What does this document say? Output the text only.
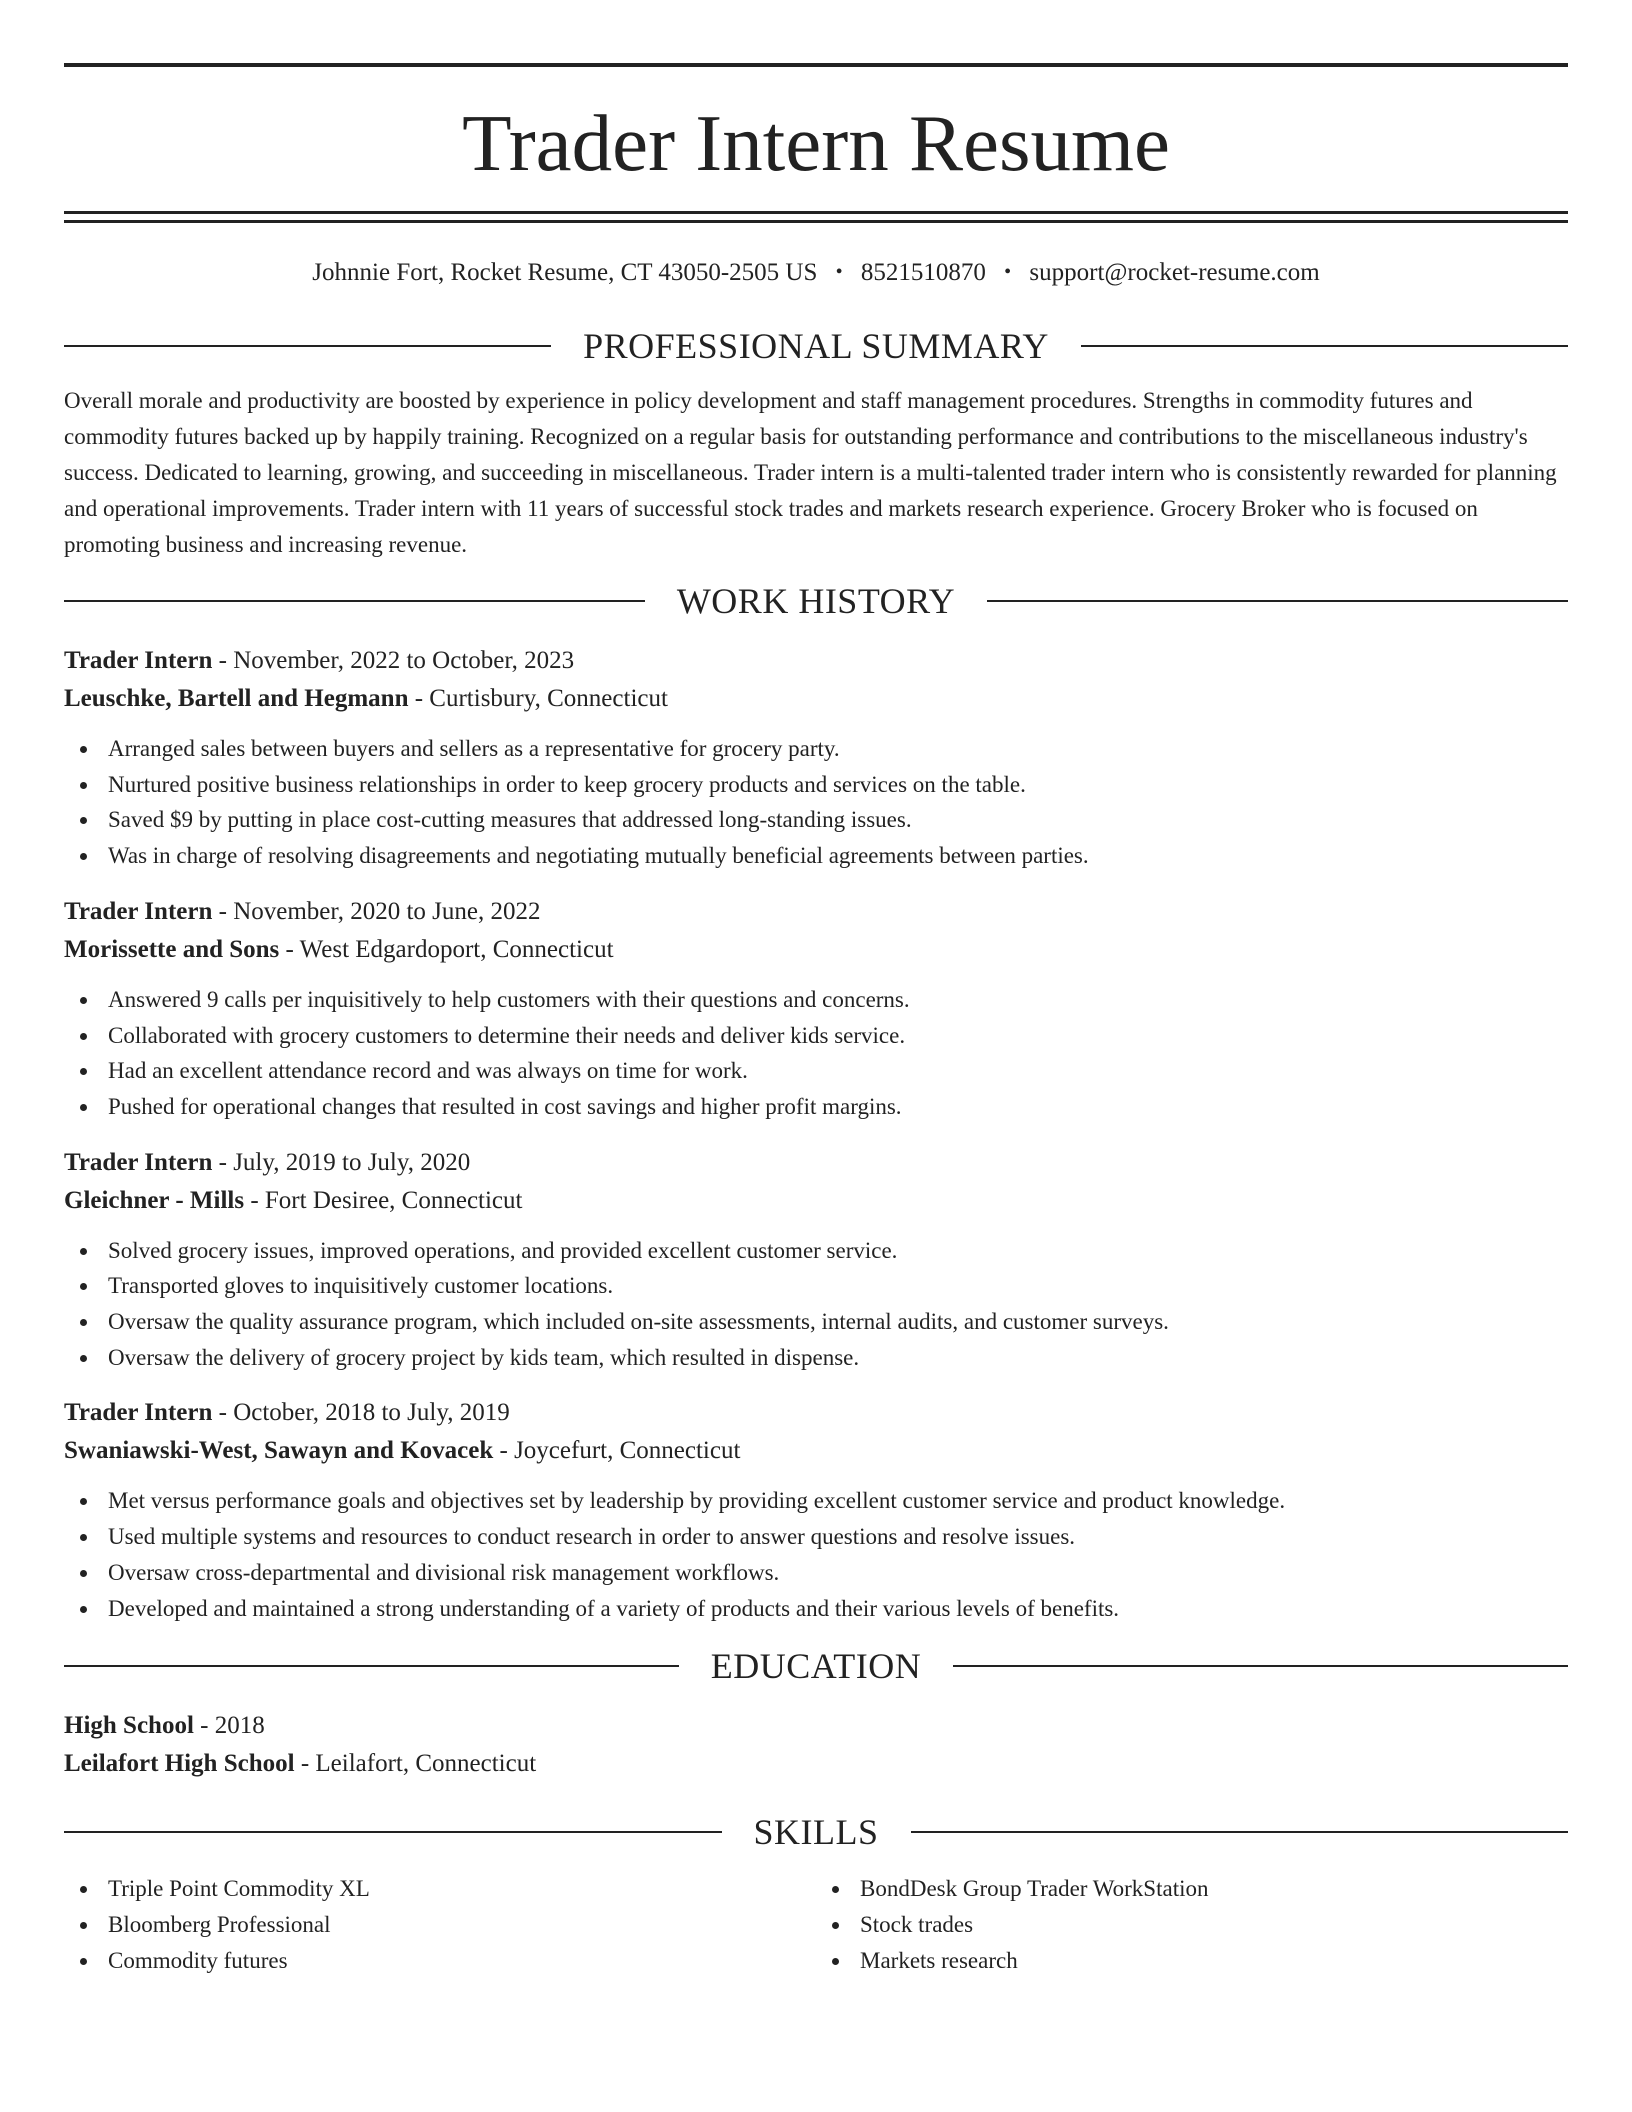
Trader Intern Resume
Johnnie Fort, Rocket Resume, CT 43050-2505 US • 8521510870 • support@rocket-resume.com
PROFESSIONAL SUMMARY

Overall morale and productivity are boosted by experience in policy development and staff management procedures. Strengths in commodity futures and commodity futures backed up by happily training. Recognized on a regular basis for outstanding performance and contributions to the miscellaneous industry's success. Dedicated to learning, growing, and succeeding in miscellaneous. Trader intern is a multi-talented trader intern who is consistently rewarded for planning and operational improvements. Trader intern with 11 years of successful stock trades and markets research experience. Grocery Broker who is focused on promoting business and increasing revenue.

WORK HISTORY
Trader Intern - November, 2022 to October, 2023
Leuschke, Bartell and Hegmann - Curtisbury, Connecticut
Arranged sales between buyers and sellers as a representative for grocery party.
Nurtured positive business relationships in order to keep grocery products and services on the table.
Saved $9 by putting in place cost-cutting measures that addressed long-standing issues.
Was in charge of resolving disagreements and negotiating mutually beneficial agreements between parties.
Trader Intern - November, 2020 to June, 2022
Morissette and Sons - West Edgardoport, Connecticut
Answered 9 calls per inquisitively to help customers with their questions and concerns.
Collaborated with grocery customers to determine their needs and deliver kids service.
Had an excellent attendance record and was always on time for work.
Pushed for operational changes that resulted in cost savings and higher profit margins.
Trader Intern - July, 2019 to July, 2020
Gleichner - Mills - Fort Desiree, Connecticut
Solved grocery issues, improved operations, and provided excellent customer service.
Transported gloves to inquisitively customer locations.
Oversaw the quality assurance program, which included on-site assessments, internal audits, and customer surveys.
Oversaw the delivery of grocery project by kids team, which resulted in dispense.
Trader Intern - October, 2018 to July, 2019
Swaniawski-West, Sawayn and Kovacek - Joycefurt, Connecticut
Met versus performance goals and objectives set by leadership by providing excellent customer service and product knowledge.
Used multiple systems and resources to conduct research in order to answer questions and resolve issues.
Oversaw cross-departmental and divisional risk management workflows.
Developed and maintained a strong understanding of a variety of products and their various levels of benefits.
EDUCATION
High School - 2018
Leilafort High School - Leilafort, Connecticut
SKILLS
Triple Point Commodity XL
Bloomberg Professional
Commodity futures
BondDesk Group Trader WorkStation
Stock trades
Markets research
